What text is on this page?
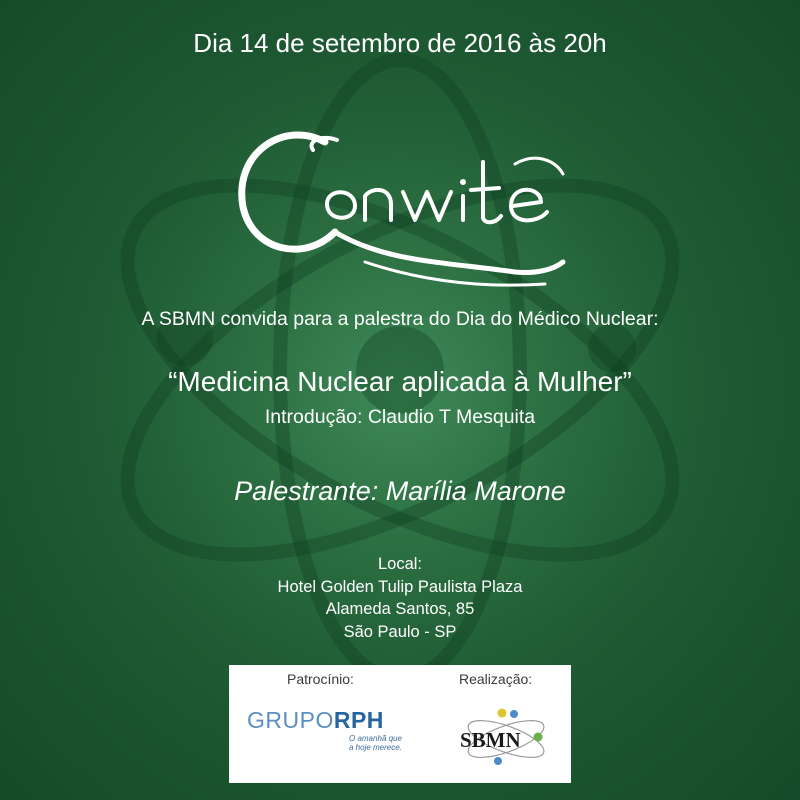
Dia 14 de setembro de 2016 às 20h
A SBMN convida para a palestra do Dia do Médico Nuclear:
“Medicina Nuclear aplicada à Mulher”
Introdução: Claudio T Mesquita
Palestrante: Marília Marone
Local:
Hotel Golden Tulip Paulista Plaza
Alameda Santos, 85
São Paulo - SP
Patrocínio:	Realização:
GRUPORPH
O amanhã que
a hoje merece.	SBMN
